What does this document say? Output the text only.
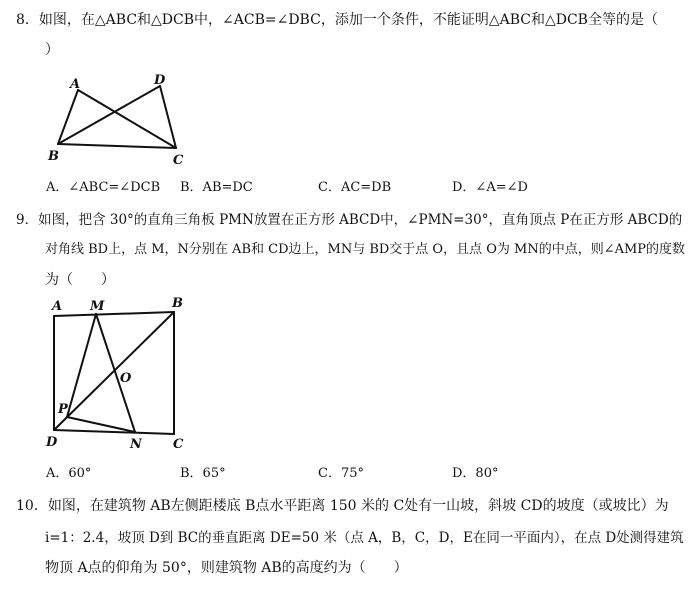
8．如图，在△ABC和△DCB中，∠ACB=∠DBC，添加一个条件，不能证明△ABC和△DCB全等的是（
）
A	D
B	C
A．∠ABC=∠DCB B．AB=DC	C．AC=DB	D．∠A=∠D
9．如图，把含 30°的直角三角板 PMN放置在正方形 ABCD中，∠PMN=30°，直角顶点 P在正方形 ABCD的
对角线 BD上，点 M，N分别在 AB和 CD边上，MN与 BD交于点 O，且点 O为 MN的中点，则∠AMP的度数
为（　　）
A M	B
O
P
D	N C
A．60°	B．65°	C．75°	D．80°
10．如图，在建筑物 AB左侧距楼底 B点水平距离 150 米的 C处有一山坡，斜坡 CD的坡度（或坡比）为
i=1：2.4，坡顶 D到 BC的垂直距离 DE=50 米（点 A，B，C，D，E在同一平面内），在点 D处测得建筑
物顶 A点的仰角为 50°，则建筑物 AB的高度约为（　　）
